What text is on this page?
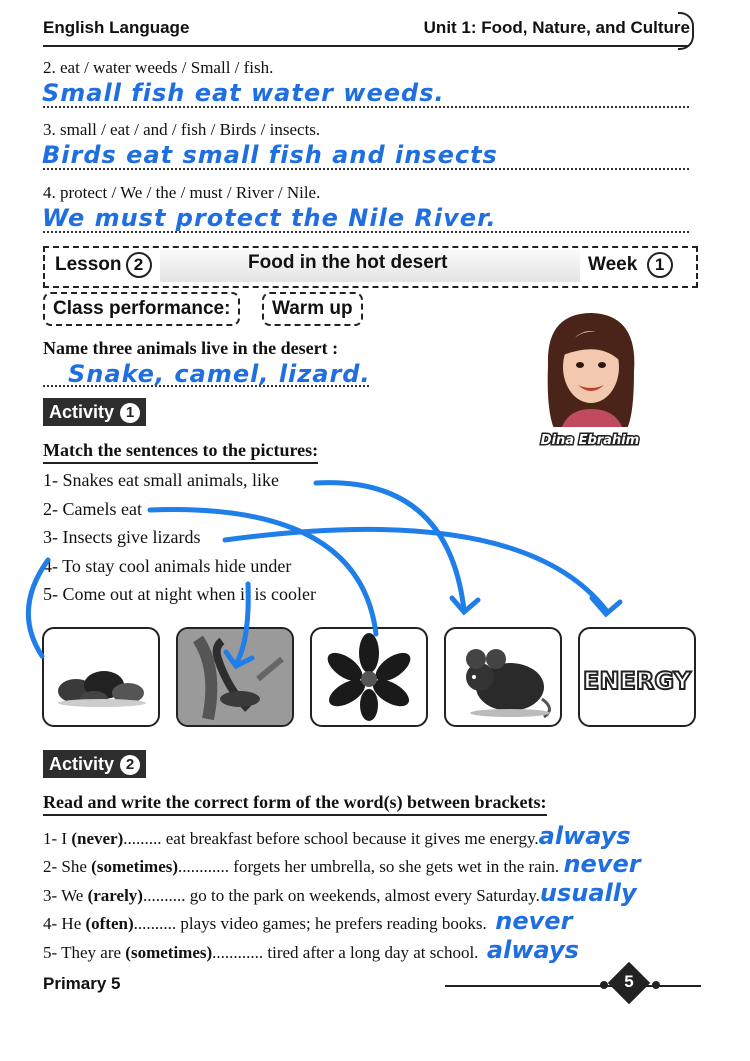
English Language	Unit 1: Food, Nature, and Culture
2. eat / water weeds / Small / fish.
Small fish eat water weeds.
3. small / eat / and / fish / Birds / insects.
Birds eat small fish and insects
4. protect / We / the / must / River / Nile.
We must protect the Nile River.
Lesson 2	Food in the hot desert	Week 1
Class performance:	Warm up
Name three animals live in the desert :
Snake, camel, lizard.
Dina Ebrahim
Activity 1
Match the sentences to the pictures:
1- Snakes eat small animals, like
2- Camels eat
3- Insects give lizards
4- To stay cool animals hide under
5- Come out at night when it is cooler
ENERGY
Activity 2
Read and write the correct form of the word(s) between brackets:
1- I (never)......... eat breakfast before school because it gives me energy.always
2- She (sometimes)............ forgets her umbrella, so she gets wet in the rain. never
3- We (rarely).......... go to the park on weekends, almost every Saturday.usually
4- He (often).......... plays video games; he prefers reading books. never
5- They are (sometimes)............ tired after a long day at school. always
Primary 5	5
